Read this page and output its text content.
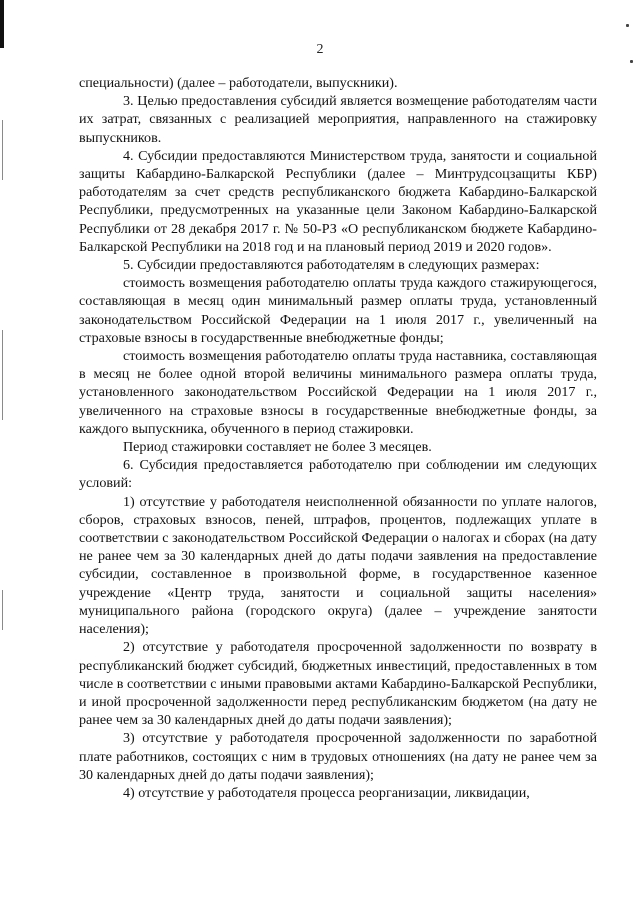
2

специальности) (далее – работодатели, выпускники).

3. Целью предоставления субсидий является возмещение работодателям части их затрат, связанных с реализацией мероприятия, направленного на стажировку выпускников.

4. Субсидии предоставляются Министерством труда, занятости и социальной защиты Кабардино-Балкарской Республики (далее – Минтрудсоцзащиты КБР) работодателям за счет средств республиканского бюджета Кабардино-Балкарской Республики, предусмотренных на указанные цели Законом Кабардино-Балкарской Республики от 28 декабря 2017 г. № 50-РЗ «О республиканском бюджете Кабардино-Балкарской Республики на 2018 год и на плановый период 2019 и 2020 годов».

5. Субсидии предоставляются работодателям в следующих размерах:

стоимость возмещения работодателю оплаты труда каждого стажирующегося, составляющая в месяц один минимальный размер оплаты труда, установленный законодательством Российской Федерации на 1 июля 2017 г., увеличенный на страховые взносы в государственные внебюджетные фонды;

стоимость возмещения работодателю оплаты труда наставника, составляющая в месяц не более одной второй величины минимального размера оплаты труда, установленного законодательством Российской Федерации на 1 июля 2017 г., увеличенного на страховые взносы в государственные внебюджетные фонды, за каждого выпускника, обученного в период стажировки.

Период стажировки составляет не более 3 месяцев.

6. Субсидия предоставляется работодателю при соблюдении им следующих условий:

1) отсутствие у работодателя неисполненной обязанности по уплате налогов, сборов, страховых взносов, пеней, штрафов, процентов, подлежащих уплате в соответствии с законодательством Российской Федерации о налогах и сборах (на дату не ранее чем за 30 календарных дней до даты подачи заявления на предоставление субсидии, составленное в произвольной форме, в государственное казенное учреждение «Центр труда, занятости и социальной защиты населения» муниципального района (городского округа) (далее – учреждение занятости населения);

2) отсутствие у работодателя просроченной задолженности по возврату в республиканский бюджет субсидий, бюджетных инвестиций, предоставленных в том числе в соответствии с иными правовыми актами Кабардино-Балкарской Республики, и иной просроченной задолженности перед республиканским бюджетом (на дату не ранее чем за 30 календарных дней до даты подачи заявления);

3) отсутствие у работодателя просроченной задолженности по заработной плате работников, состоящих с ним в трудовых отношениях (на дату не ранее чем за 30 календарных дней до даты подачи заявления);

4) отсутствие у работодателя процесса реорганизации, ликвидации,
